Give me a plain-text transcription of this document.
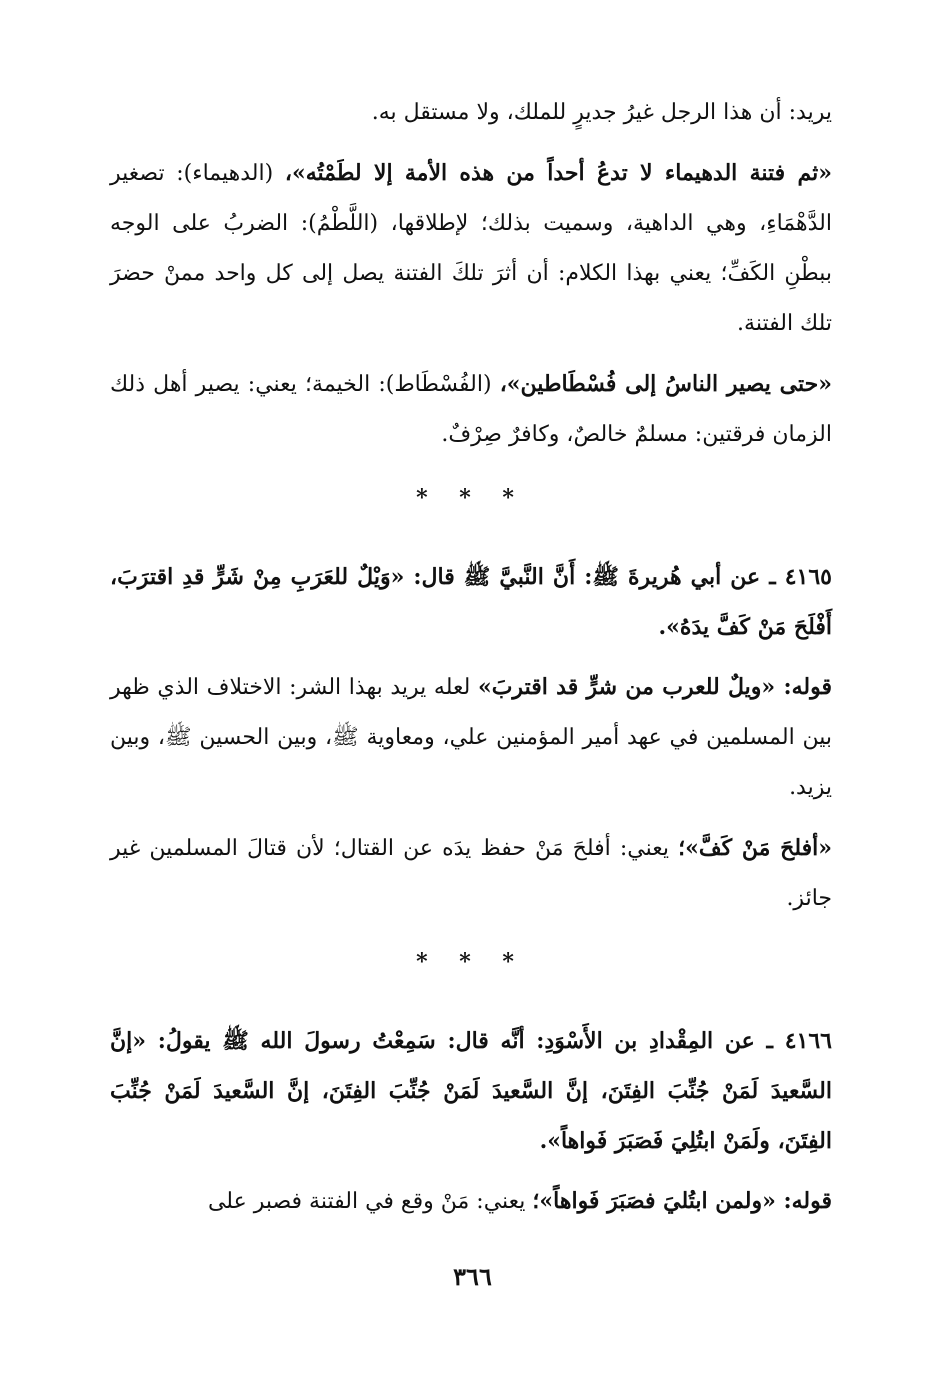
يريد: أن هذا الرجل غيرُ جديرٍ للملك، ولا مستقل به.

«ثم فتنة الدهيماء لا تدعُ أحداً من هذه الأمة إلا لطَمْتُه»، (الدهيماء): تصغير الدَّهْمَاءِ، وهي الداهية، وسميت بذلك؛ لإطلاقها، (اللَّطْمُ): الضربُ على الوجه ببطْنِ الكَفِّ؛ يعني بهذا الكلام: أن أثرَ تلكَ الفتنة يصل إلى كل واحد ممنْ حضرَ تلك الفتنة.

«حتى يصير الناسُ إلى فُسْطَاطين»، (الفُسْطَاط): الخيمة؛ يعني: يصير أهل ذلك الزمان فرقتين: مسلمٌ خالصٌ، وكافرٌ صِرْفٌ.

* * *

٤١٦٥ ـ عن أبي هُريرةَ ﷺ: أَنَّ النَّبيَّ ﷺ قال: «وَيْلٌ للعَرَبِ مِنْ شَرٍّ قدِ اقترَبَ، أَفْلَحَ مَنْ كَفَّ يدَهُ».

قوله: «ويلٌ للعرب من شرٍّ قد اقتربَ» لعله يريد بهذا الشر: الاختلاف الذي ظهر بين المسلمين في عهد أمير المؤمنين علي، ومعاوية ﷺ، وبين الحسين ﷺ، وبين يزيد.

«أفلحَ مَنْ كَفَّ»؛ يعني: أفلحَ مَنْ حفظ يدَه عن القتال؛ لأن قتالَ المسلمين غير جائز.

* * *

٤١٦٦ ـ عن المِقْدادِ بن الأَسْوَدِ: أنَّه قال: سَمِعْتُ رسولَ الله ﷺ يقولُ: «إنَّ السَّعيدَ لَمَنْ جُنِّبَ الفِتَنَ، إنَّ السَّعيدَ لَمَنْ جُنِّبَ الفِتَنَ، إنَّ السَّعيدَ لَمَنْ جُنِّبَ الفِتَنَ، ولَمَنْ ابتُلِيَ فَصَبَرَ فَواهاً».

قوله: «ولمن ابتُليَ فصَبَرَ فَواهاً»؛ يعني: مَنْ وقع في الفتنة فصبر على

٣٦٦
